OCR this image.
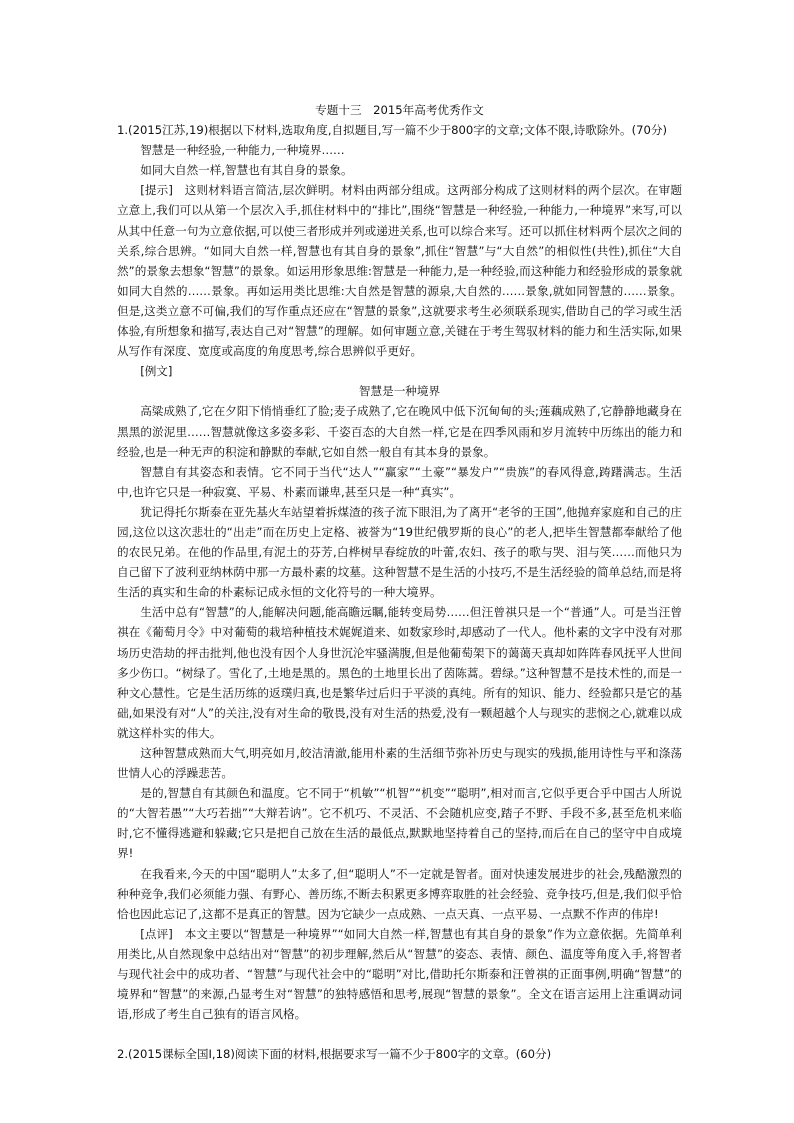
专题十三　2015年高考优秀作文

1.(2015江苏,19)根据以下材料,选取角度,自拟题目,写一篇不少于800字的文章;文体不限,诗歌除外。(70分)

智慧是一种经验,一种能力,一种境界……

如同大自然一样,智慧也有其自身的景象。

[提示]　这则材料语言简洁,层次鲜明。材料由两部分组成。这两部分构成了这则材料的两个层次。在审题立意上,我们可以从第一个层次入手,抓住材料中的“排比”,围绕“智慧是一种经验,一种能力,一种境界”来写,可以从其中任意一句为立意依据,可以使三者形成并列或递进关系,也可以综合来写。还可以抓住材料两个层次之间的关系,综合思辨。“如同大自然一样,智慧也有其自身的景象”,抓住“智慧”与“大自然”的相似性(共性),抓住“大自然”的景象去想象“智慧”的景象。如运用形象思维:智慧是一种能力,是一种经验,而这种能力和经验形成的景象就如同大自然的……景象。再如运用类比思维:大自然是智慧的源泉,大自然的……景象,就如同智慧的……景象。但是,这类立意不可偏,我们的写作重点还应在“智慧的景象”,这就要求考生必须联系现实,借助自己的学习或生活体验,有所想象和描写,表达自己对“智慧”的理解。如何审题立意,关键在于考生驾驭材料的能力和生活实际,如果从写作有深度、宽度或高度的角度思考,综合思辨似乎更好。

[例文]

智慧是一种境界

高粱成熟了,它在夕阳下悄悄垂红了脸;麦子成熟了,它在晚风中低下沉甸甸的头;莲藕成熟了,它静静地藏身在黑黑的淤泥里……智慧就像这多姿多彩、千姿百态的大自然一样,它是在四季风雨和岁月流转中历练出的能力和经验,也是一种无声的积淀和静默的奉献,它如自然一般自有其本身的景象。

智慧自有其姿态和表情。它不同于当代“达人”“赢家”“土豪”“暴发户”“贵族”的春风得意,踌躇满志。生活中,也许它只是一种寂寞、平易、朴素而谦卑,甚至只是一种“真实”。

犹记得托尔斯泰在亚先基火车站望着拆煤渣的孩子流下眼泪,为了离开“老爷的王国”,他抛弃家庭和自己的庄园,这位以这次悲壮的“出走”而在历史上定格、被誉为“19世纪俄罗斯的良心”的老人,把毕生智慧都奉献给了他的农民兄弟。在他的作品里,有泥土的芬芳,白桦树早春绽放的叶蕾,农妇、孩子的歌与哭、泪与笑……而他只为自己留下了波利亚纳林荫中那一方最朴素的坟墓。这种智慧不是生活的小技巧,不是生活经验的简单总结,而是将生活的真实和生命的朴素标记成永恒的文化符号的一种大境界。

生活中总有“智慧”的人,能解决问题,能高瞻远瞩,能转变局势……但汪曾祺只是一个“普通”人。可是当汪曾祺在《葡萄月令》中对葡萄的栽培种植技术娓娓道来、如数家珍时,却感动了一代人。他朴素的文字中没有对那场历史浩劫的抨击批判,他也没有因个人身世沉沦牢骚满腹,但是他葡萄架下的蔼蔼天真却如阵阵春风抚平人世间多少伤口。“树绿了。雪化了,土地是黑的。黑色的土地里长出了茵陈蒿。碧绿。”这种智慧不是技术性的,而是一种文心慧性。它是生活历练的返璞归真,也是繁华过后归于平淡的真纯。所有的知识、能力、经验都只是它的基础,如果没有对“人”的关注,没有对生命的敬畏,没有对生活的热爱,没有一颗超越个人与现实的悲悯之心,就难以成就这样朴实的伟大。

这种智慧成熟而大气,明亮如月,皎洁清澈,能用朴素的生活细节弥补历史与现实的残损,能用诗性与平和涤荡世情人心的浮躁悲苦。

是的,智慧自有其颜色和温度。它不同于“机敏”“机智”“机变”“聪明”,相对而言,它似乎更合乎中国古人所说的“大智若愚”“大巧若拙”“大辩若讷”。它不机巧、不灵活、不会随机应变,踏子不野、手段不多,甚至危机来临时,它不懂得逃避和躲藏;它只是把自己放在生活的最低点,默默地坚持着自己的坚持,而后在自己的坚守中自成境界!

在我看来,今天的中国“聪明人”太多了,但“聪明人”不一定就是智者。面对快速发展进步的社会,残酷激烈的种种竞争,我们必须能力强、有野心、善历练,不断去积累更多博弈取胜的社会经验、竞争技巧,但是,我们似乎恰恰也因此忘记了,这都不是真正的智慧。因为它缺少一点成熟、一点天真、一点平易、一点默不作声的伟岸!

[点评]　本文主要以“智慧是一种境界”“如同大自然一样,智慧也有其自身的景象”作为立意依据。先简单利用类比,从自然现象中总结出对“智慧”的初步理解,然后从“智慧”的姿态、表情、颜色、温度等角度入手,将智者与现代社会中的成功者、“智慧”与现代社会中的“聪明”对比,借助托尔斯泰和汪曾祺的正面事例,明确“智慧”的境界和“智慧”的来源,凸显考生对“智慧”的独特感悟和思考,展现“智慧的景象”。全文在语言运用上注重调动词语,形成了考生自己独有的语言风格。

2.(2015课标全国Ⅰ,18)阅读下面的材料,根据要求写一篇不少于800字的文章。(60分)
